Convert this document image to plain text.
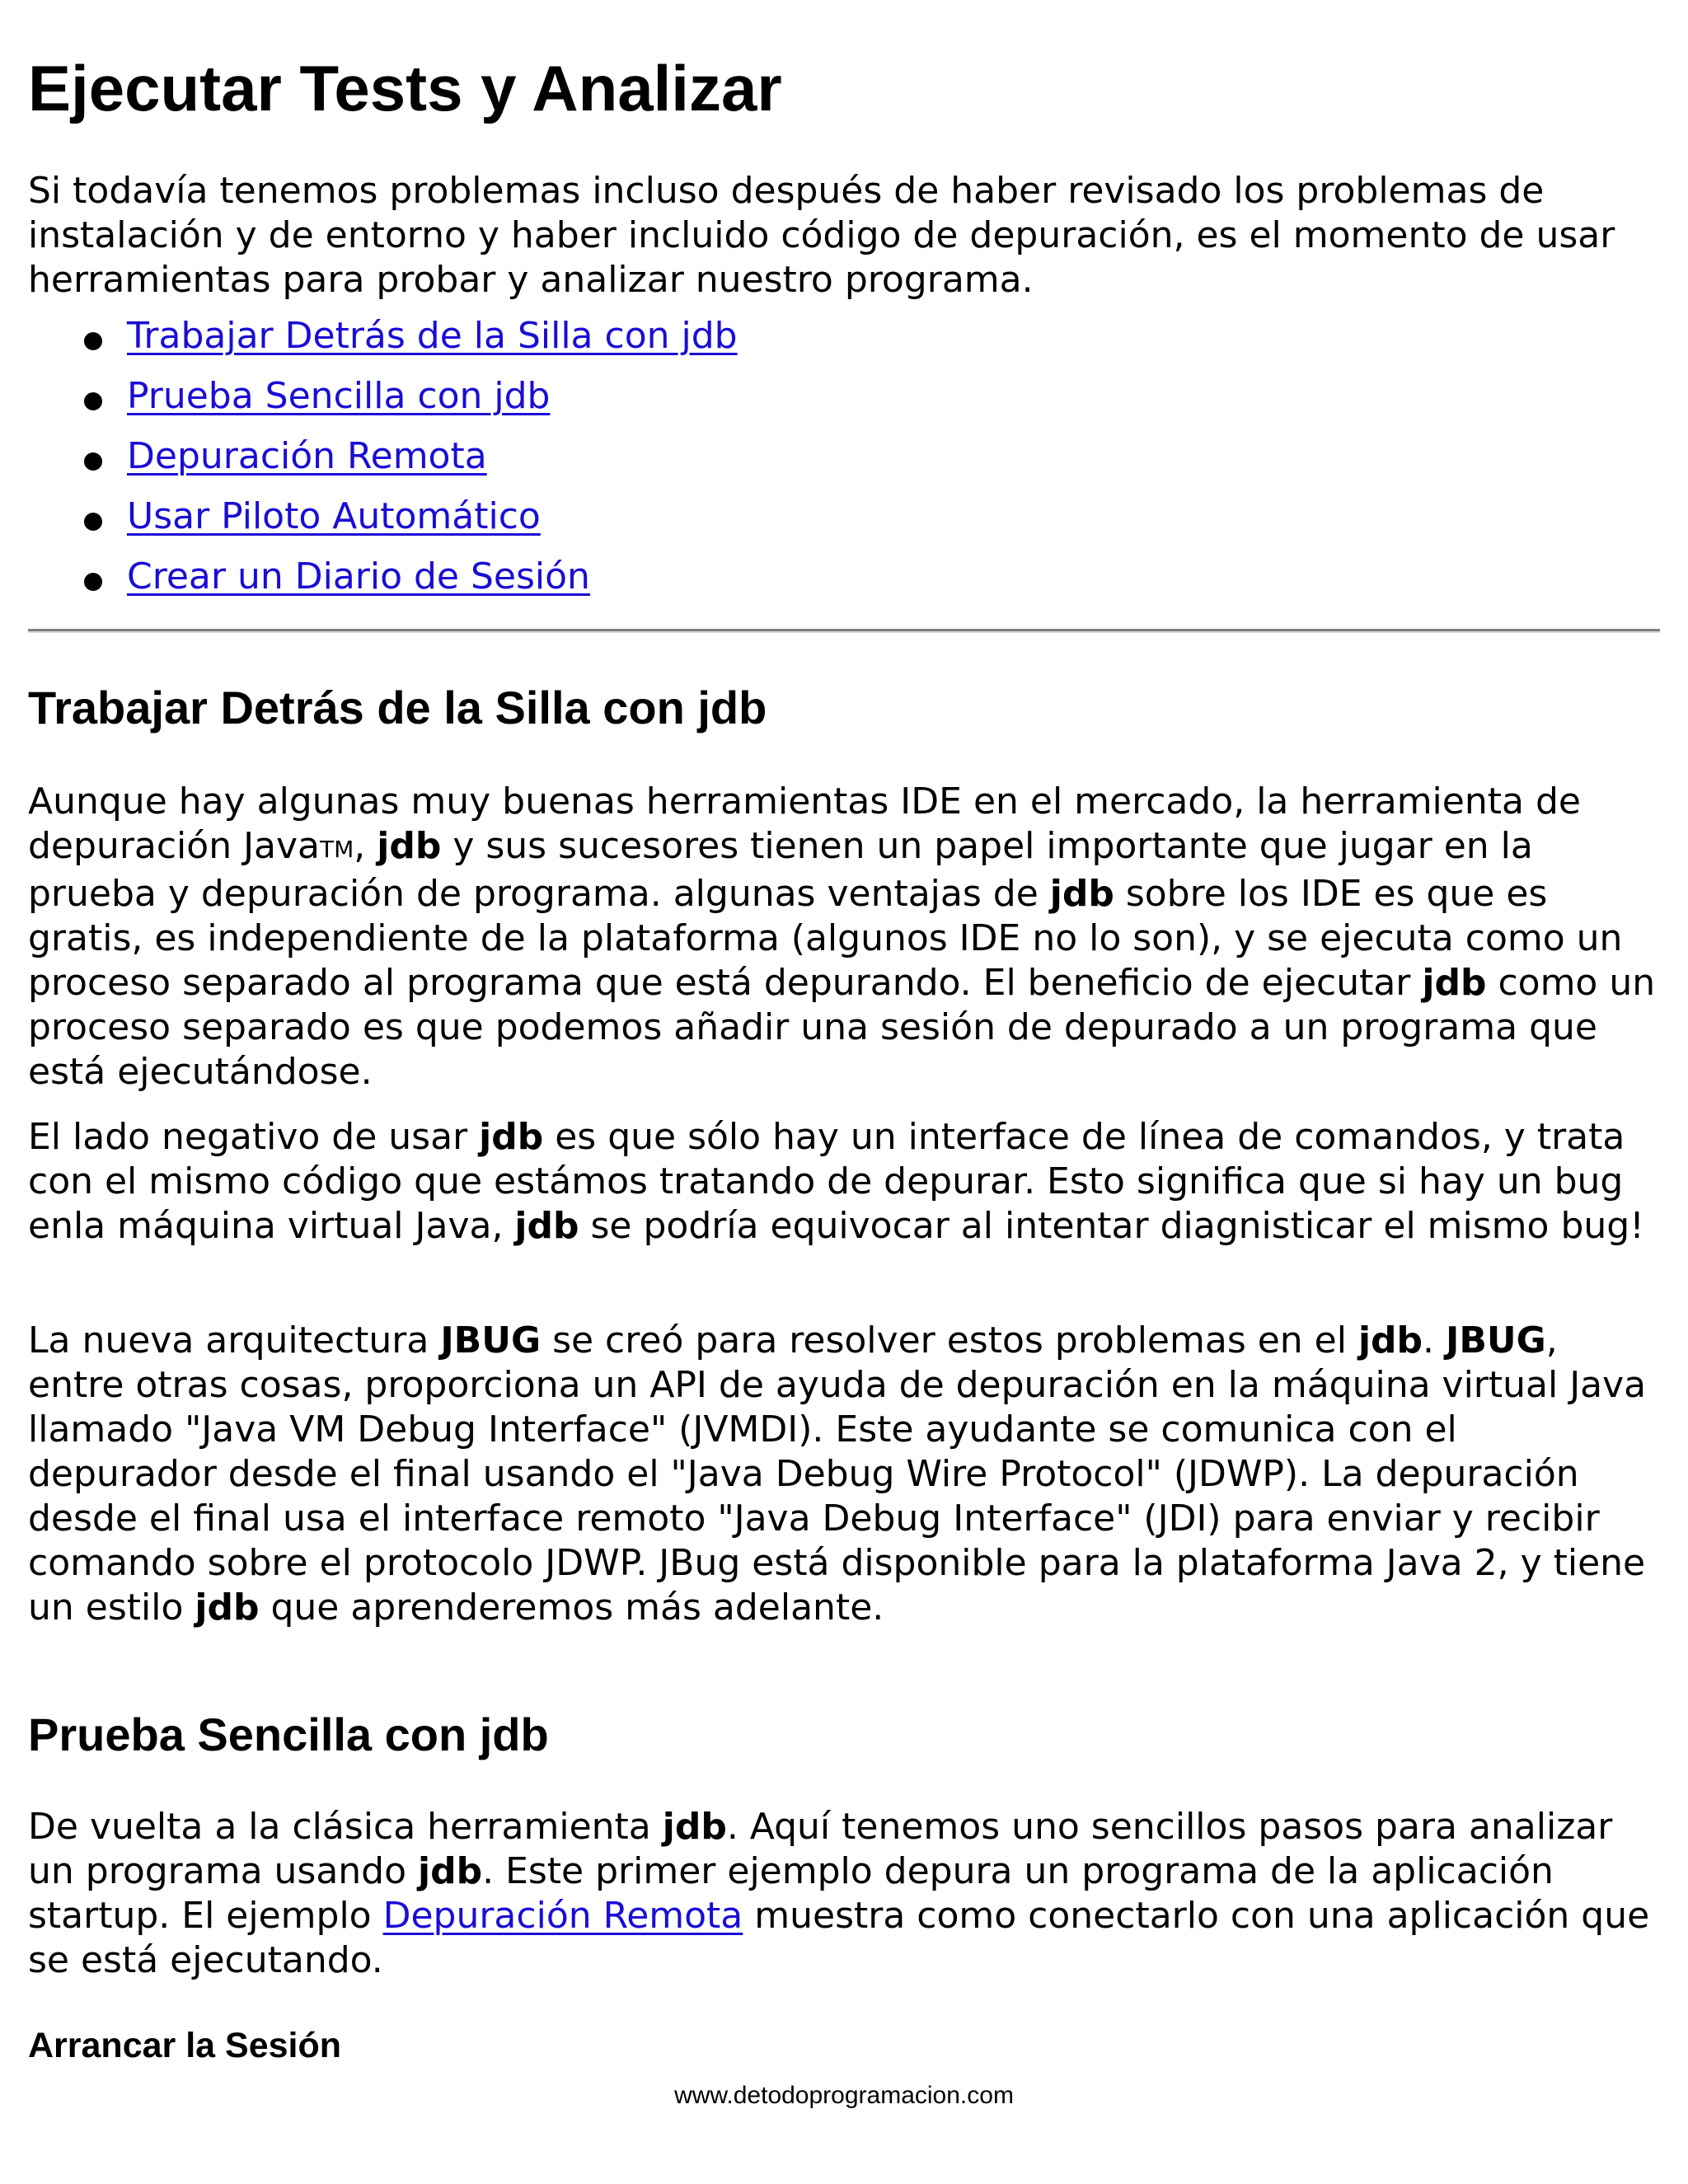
Ejecutar Tests y Analizar

Si todavía tenemos problemas incluso después de haber revisado los problemas de instalación y de entorno y haber incluido código de depuración, es el momento de usar herramientas para probar y analizar nuestro programa.

Trabajar Detrás de la Silla con jdb
Prueba Sencilla con jdb
Depuración Remota
Usar Piloto Automático
Crear un Diario de Sesión
Trabajar Detrás de la Silla con jdb

Aunque hay algunas muy buenas herramientas IDE en el mercado, la herramienta de depuración JavaTM, jdb y sus sucesores tienen un papel importante que jugar en la prueba y depuración de programa. algunas ventajas de jdb sobre los IDE es que es gratis, es independiente de la plataforma (algunos IDE no lo son), y se ejecuta como un proceso separado al programa que está depurando. El beneficio de ejecutar jdb como un proceso separado es que podemos añadir una sesión de depurado a un programa que está ejecutándose.

El lado negativo de usar jdb es que sólo hay un interface de línea de comandos, y trata con el mismo código que estámos tratando de depurar. Esto significa que si hay un bug enla máquina virtual Java, jdb se podría equivocar al intentar diagnisticar el mismo bug!

La nueva arquitectura JBUG se creó para resolver estos problemas en el jdb. JBUG, entre otras cosas, proporciona un API de ayuda de depuración en la máquina virtual Java llamado "Java VM Debug Interface" (JVMDI). Este ayudante se comunica con el depurador desde el final usando el "Java Debug Wire Protocol" (JDWP). La depuración desde el final usa el interface remoto "Java Debug Interface" (JDI) para enviar y recibir comando sobre el protocolo JDWP. JBug está disponible para la plataforma Java 2, y tiene un estilo jdb que aprenderemos más adelante.

Prueba Sencilla con jdb

De vuelta a la clásica herramienta jdb. Aquí tenemos uno sencillos pasos para analizar un programa usando jdb. Este primer ejemplo depura un programa de la aplicación startup. El ejemplo Depuración Remota muestra como conectarlo con una aplicación que se está ejecutando.

Arrancar la Sesión
www.detodoprogramacion.com
